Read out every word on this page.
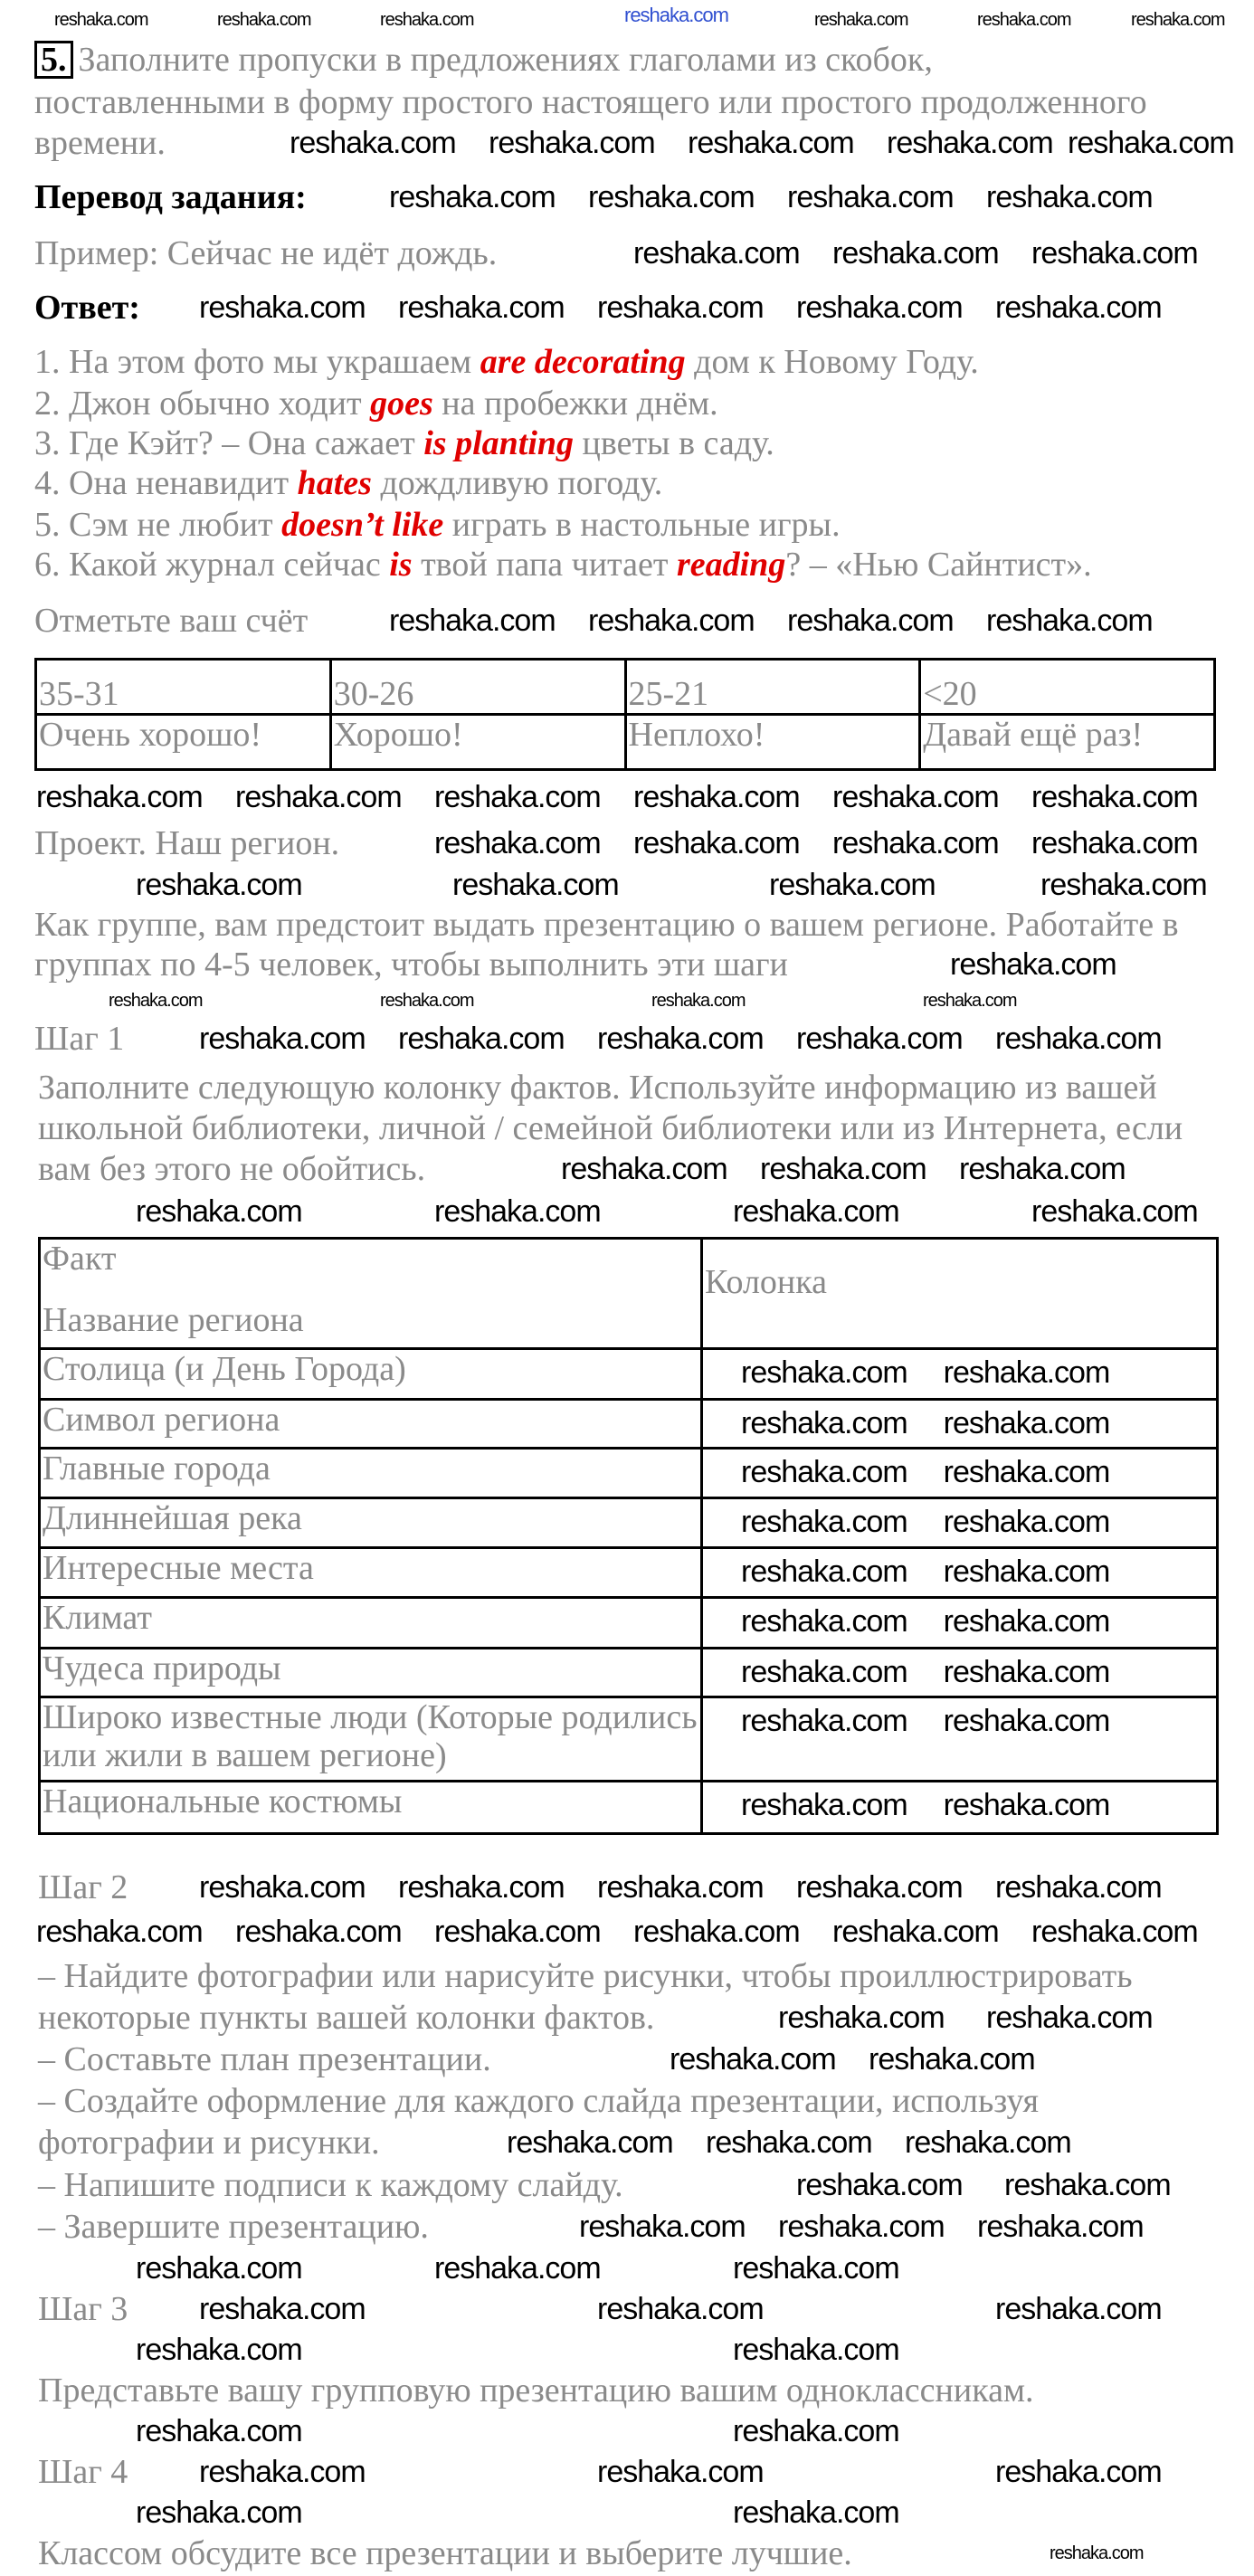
5. Заполните пропуски в предложениях глаголами из скобок,
поставленными в форму простого настоящего или простого продолженного
времени.
Перевод задания:
Пример: Сейчас не идёт дождь.
Ответ:
1. На этом фото мы украшаем are decorating дом к Новому Году.
2. Джон обычно ходит goes на пробежки днём.
3. Где Кэйт? – Она сажает is planting цветы в саду.
4. Она ненавидит hates дождливую погоду.
5. Сэм не любит doesn’t like играть в настольные игры.
6. Какой журнал сейчас is твой папа читает reading? – «Нью Сайнтист».
Отметьте ваш счёт
35-31	30-26	25-21	<20
Очень хорошо!	Хорошо!	Неплохо!	Давай ещё раз!
Проект. Наш регион.
Как группе, вам предстоит выдать презентацию о вашем регионе. Работайте в
группах по 4-5 человек, чтобы выполнить эти шаги
Шаг 1
Заполните следующую колонку фактов. Используйте информацию из вашей
школьной библиотеки, личной / семейной библиотеки или из Интернета, если
вам без этого не обойтись.
Факт
Название региона	Колонка

Столица (и День Города)	reshaka.com reshaka.com
Символ региона	reshaka.com reshaka.com
Главные города	reshaka.com reshaka.com
Длиннейшая река	reshaka.com reshaka.com
Интересные места	reshaka.com reshaka.com
Климат	reshaka.com reshaka.com
Чудеса природы	reshaka.com reshaka.com
Широко известные люди (Которые родились или жили в вашем регионе)	reshaka.com reshaka.com
Национальные костюмы	reshaka.com reshaka.com
Шаг 2
– Найдите фотографии или нарисуйте рисунки, чтобы проиллюстрировать
некоторые пункты вашей колонки фактов.
– Составьте план презентации.
– Создайте оформление для каждого слайда презентации, используя
фотографии и рисунки.
– Напишите подписи к каждому слайду.
– Завершите презентацию.
Шаг 3
Представьте вашу групповую презентацию вашим одноклассникам.
Шаг 4
Классом обсудите все презентации и выберите лучшие.
reshaka.com
reshaka.com	reshaka.com	reshaka.com	reshaka.com	reshaka.com	reshaka.com
reshaka.com reshaka.com reshaka.com reshaka.com reshaka.com
reshaka.com reshaka.com reshaka.com reshaka.com
reshaka.com reshaka.com reshaka.com
reshaka.com reshaka.com reshaka.com reshaka.com reshaka.com
reshaka.com reshaka.com reshaka.com reshaka.com
reshaka.com reshaka.com reshaka.com reshaka.com reshaka.com reshaka.com
reshaka.com reshaka.com reshaka.com reshaka.com
reshaka.com	reshaka.com	reshaka.com	reshaka.com
reshaka.com
reshaka.com	reshaka.com	reshaka.com	reshaka.com
reshaka.com reshaka.com reshaka.com reshaka.com reshaka.com
reshaka.com reshaka.com reshaka.com
reshaka.com	reshaka.com	reshaka.com	reshaka.com
reshaka.com reshaka.com reshaka.com reshaka.com reshaka.com
reshaka.com reshaka.com reshaka.com reshaka.com reshaka.com reshaka.com
reshaka.com reshaka.com
reshaka.com reshaka.com
reshaka.com reshaka.com reshaka.com
reshaka.com reshaka.com
reshaka.com reshaka.com reshaka.com
reshaka.com	reshaka.com	reshaka.com
reshaka.com	reshaka.com	reshaka.com
reshaka.com	reshaka.com
reshaka.com	reshaka.com
reshaka.com	reshaka.com	reshaka.com
reshaka.com	reshaka.com
reshaka.com
